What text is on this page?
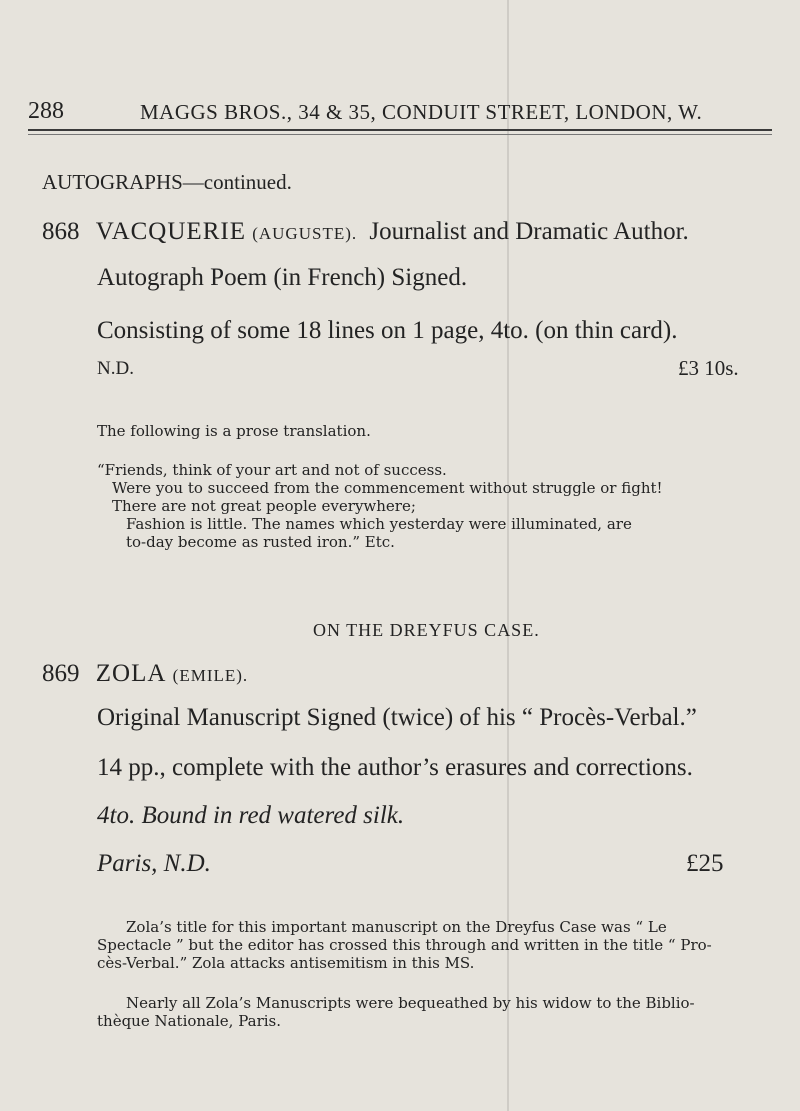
288	MAGGS BROS., 34 & 35, CONDUIT STREET, LONDON, W.
AUTOGRAPHS—continued.
868 VACQUERIE (AUGUSTE). Journalist and Dramatic Author.
Autograph Poem (in French) Signed.
Consisting of some 18 lines on 1 page, 4to. (on thin card).
N.D.	£3 10s.
The following is a prose translation.
“Friends, think of your art and not of success.
Were you to succeed from the commencement without struggle or fight!
There are not great people everywhere;
Fashion is little. The names which yesterday were illuminated, are
to-day become as rusted iron.” Etc.
ON THE DREYFUS CASE.
869 ZOLA (EMILE).
Original Manuscript Signed (twice) of his “ Procès-Verbal.”
14 pp., complete with the author’s erasures and corrections.
4to. Bound in red watered silk.
Paris, N.D.	£25
Zola’s title for this important manuscript on the Dreyfus Case was “ Le
Spectacle ” but the editor has crossed this through and written in the title “ Pro-
cès-Verbal.” Zola attacks antisemitism in this MS.
Nearly all Zola’s Manuscripts were bequeathed by his widow to the Biblio-
thèque Nationale, Paris.
